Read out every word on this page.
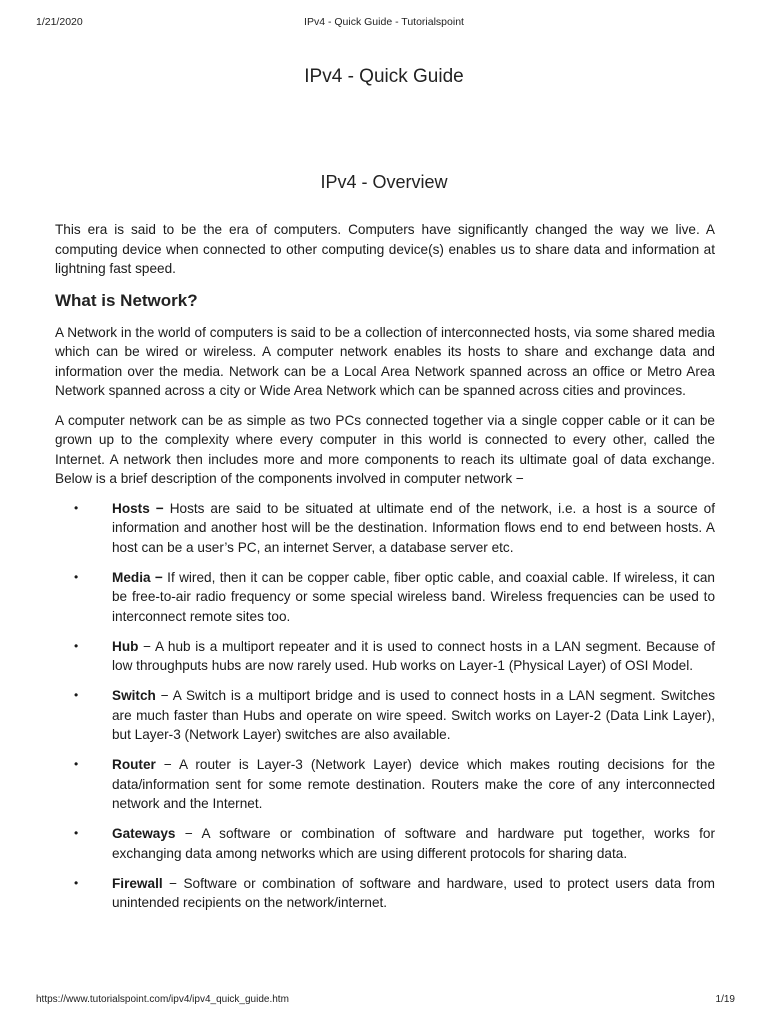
1/21/2020	IPv4 - Quick Guide - Tutorialspoint
IPv4 - Quick Guide
IPv4 - Overview

This era is said to be the era of computers. Computers have significantly changed the way we live. A computing device when connected to other computing device(s) enables us to share data and information at lightning fast speed.

What is Network?

A Network in the world of computers is said to be a collection of interconnected hosts, via some shared media which can be wired or wireless. A computer network enables its hosts to share and exchange data and information over the media. Network can be a Local Area Network spanned across an office or Metro Area Network spanned across a city or Wide Area Network which can be spanned across cities and provinces.

A computer network can be as simple as two PCs connected together via a single copper cable or it can be grown up to the complexity where every computer in this world is connected to every other, called the Internet. A network then includes more and more components to reach its ultimate goal of data exchange. Below is a brief description of the components involved in computer network −

• Hosts − Hosts are said to be situated at ultimate end of the network, i.e. a host is a source of information and another host will be the destination. Information flows end to end between hosts. A host can be a user’s PC, an internet Server, a database server etc.
• Media − If wired, then it can be copper cable, fiber optic cable, and coaxial cable. If wireless, it can be free-to-air radio frequency or some special wireless band. Wireless frequencies can be used to interconnect remote sites too.
• Hub − A hub is a multiport repeater and it is used to connect hosts in a LAN segment. Because of low throughputs hubs are now rarely used. Hub works on Layer-1 (Physical Layer) of OSI Model.
• Switch − A Switch is a multiport bridge and is used to connect hosts in a LAN segment. Switches are much faster than Hubs and operate on wire speed. Switch works on Layer-2 (Data Link Layer), but Layer-3 (Network Layer) switches are also available.
• Router − A router is Layer-3 (Network Layer) device which makes routing decisions for the data/information sent for some remote destination. Routers make the core of any interconnected network and the Internet.
• Gateways − A software or combination of software and hardware put together, works for exchanging data among networks which are using different protocols for sharing data.
• Firewall − Software or combination of software and hardware, used to protect users data from unintended recipients on the network/internet.
https://www.tutorialspoint.com/ipv4/ipv4_quick_guide.htm	1/19
